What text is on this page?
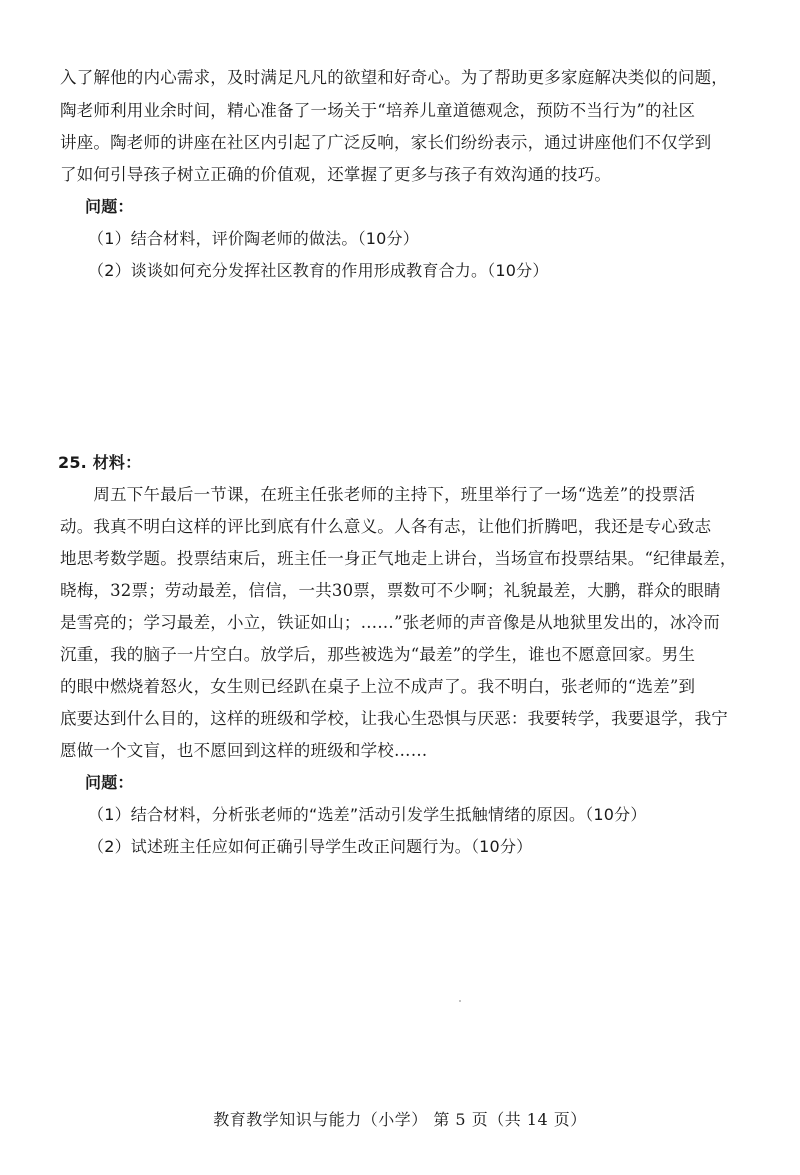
入了解他的内心需求，及时满足凡凡的欲望和好奇心。为了帮助更多家庭解决类似的问题，
陶老师利用业余时间，精心准备了一场关于“培养儿童道德观念，预防不当行为”的社区
讲座。陶老师的讲座在社区内引起了广泛反响，家长们纷纷表示，通过讲座他们不仅学到
了如何引导孩子树立正确的价值观，还掌握了更多与孩子有效沟通的技巧。
问题：
（1）结合材料，评价陶老师的做法。（10分）
（2）谈谈如何充分发挥社区教育的作用形成教育合力。（10分）
25. 材料：
　　周五下午最后一节课，在班主任张老师的主持下，班里举行了一场“选差”的投票活
动。我真不明白这样的评比到底有什么意义。人各有志，让他们折腾吧，我还是专心致志
地思考数学题。投票结束后，班主任一身正气地走上讲台，当场宣布投票结果。“纪律最差，
晓梅，32票；劳动最差，信信，一共30票，票数可不少啊；礼貌最差，大鹏，群众的眼睛
是雪亮的；学习最差，小立，铁证如山；……”张老师的声音像是从地狱里发出的，冰冷而
沉重，我的脑子一片空白。放学后，那些被选为“最差”的学生，谁也不愿意回家。男生
的眼中燃烧着怒火，女生则已经趴在桌子上泣不成声了。我不明白，张老师的“选差”到
底要达到什么目的，这样的班级和学校，让我心生恐惧与厌恶：我要转学，我要退学，我宁
愿做一个文盲，也不愿回到这样的班级和学校……
问题：
（1）结合材料，分析张老师的“选差”活动引发学生抵触情绪的原因。（10分）
（2）试述班主任应如何正确引导学生改正问题行为。（10分）
教育教学知识与能力（小学） 第 5 页（共 14 页）
